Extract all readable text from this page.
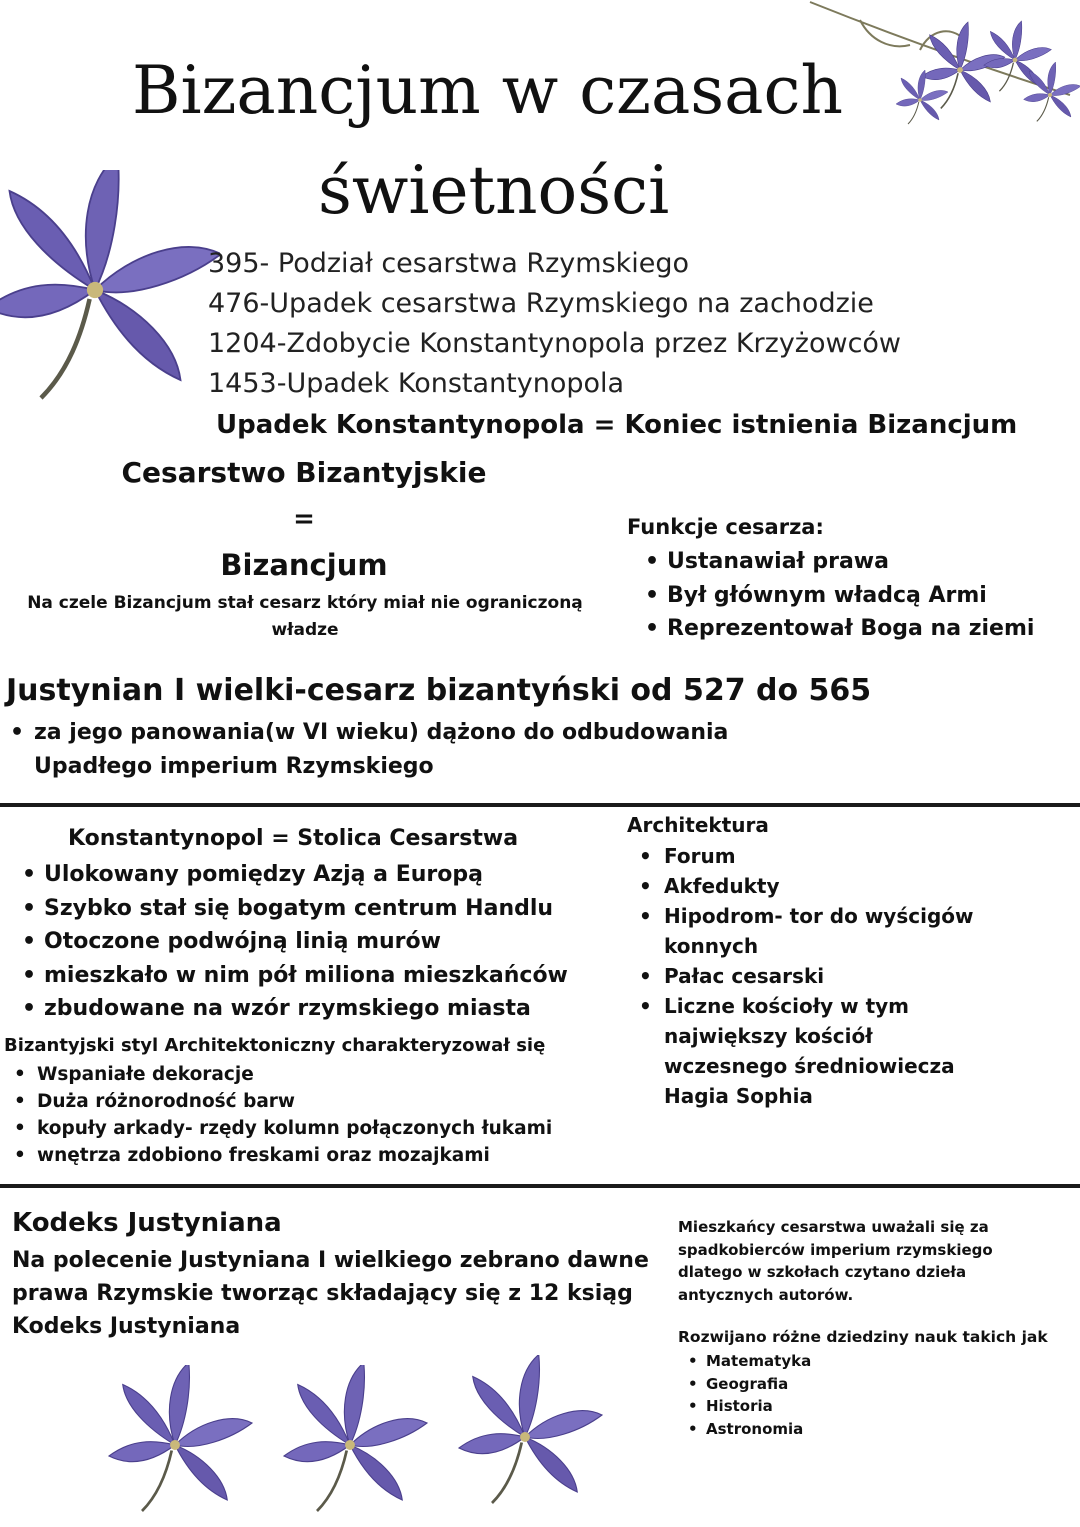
Bizancjum w czasach
świetności
395- Podział cesarstwa Rzymskiego
476-Upadek cesarstwa Rzymskiego na zachodzie
1204-Zdobycie Konstantynopola przez Krzyżowców
1453-Upadek Konstantynopola
Upadek Konstantynopola = Koniec istnienia Bizancjum
Cesarstwo Bizantyjskie
=
Bizancjum
Na czele Bizancjum stał cesarz który miał nie ograniczoną władze
Funkcje cesarza:
• Ustanawiał prawa
• Był głównym władcą Armi
• Reprezentował Boga na ziemi
Justynian I wielki-cesarz bizantyński od 527 do 565
• za jego panowania(w VI wieku) dążono do odbudowania
Upadłego imperium Rzymskiego
Konstantynopol = Stolica Cesarstwa
• Ulokowany pomiędzy Azją a Europą
• Szybko stał się bogatym centrum Handlu
• Otoczone podwójną linią murów
• mieszkało w nim pół miliona mieszkańców
• zbudowane na wzór rzymskiego miasta
Bizantyjski styl Architektoniczny charakteryzował się
• Wspaniałe dekoracje
• Duża różnorodność barw
• kopuły arkady- rzędy kolumn połączonych łukami
• wnętrza zdobiono freskami oraz mozajkami
Architektura
• Forum
• Akfedukty
• Hipodrom- tor do wyścigów
konnych
• Pałac cesarski
• Liczne kościoły w tym
największy kościół
wczesnego średniowiecza
Hagia Sophia
Kodeks Justyniana
Na polecenie Justyniana I wielkiego zebrano dawne
prawa Rzymskie tworząc składający się z 12 ksiąg
Kodeks Justyniana
Mieszkańcy cesarstwa uważali się za
spadkobierców imperium rzymskiego
dlatego w szkołach czytano dzieła
antycznych autorów.
Rozwijano różne dziedziny nauk takich jak
• Matematyka
• Geografia
• Historia
• Astronomia
